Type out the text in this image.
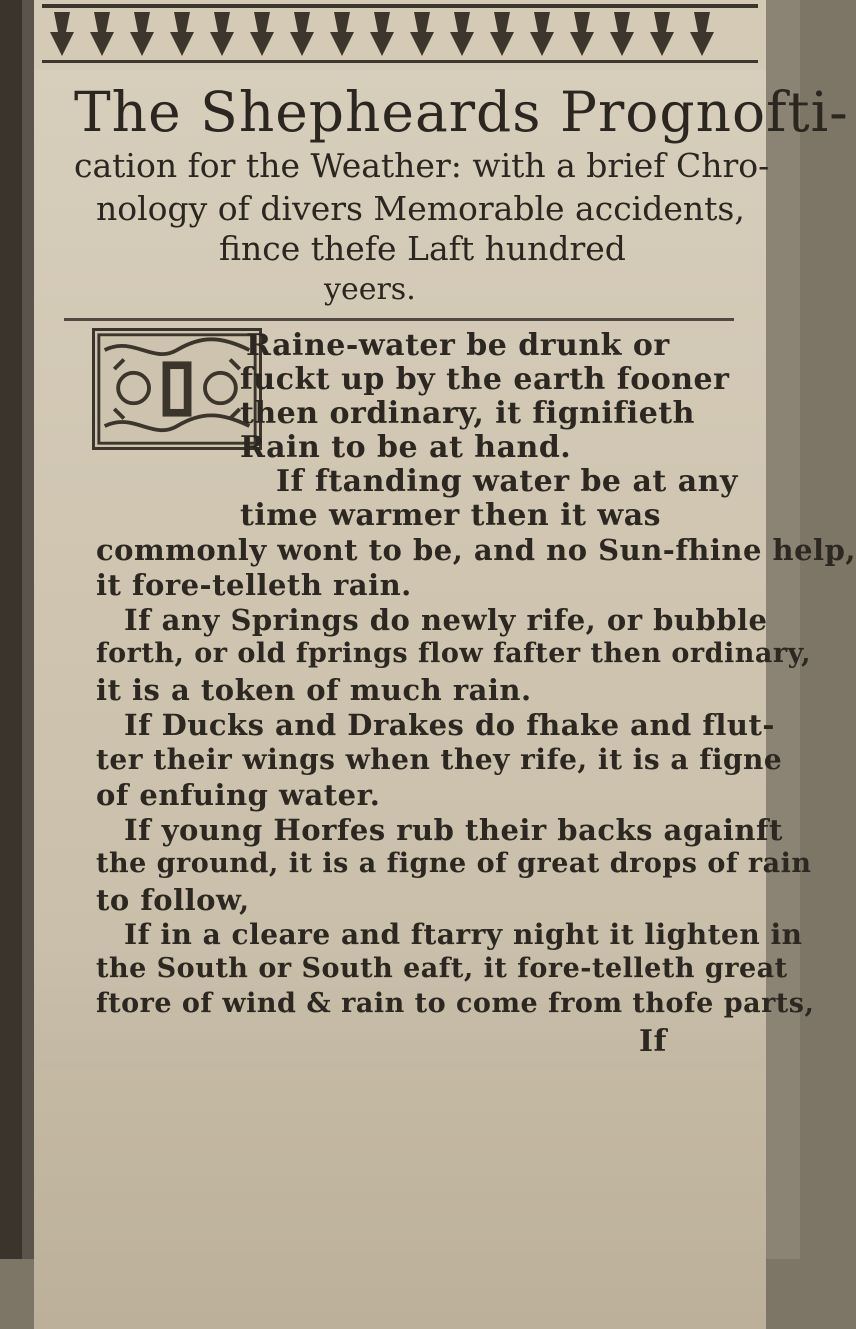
The Shepheards Prognofti-
cation for the Weather: with a brief Chro-
nology of divers Memorable accidents,
fince thefe Laft hundred
yeers.
Raine-water be drunk or
fuckt up by the earth fooner
then ordinary, it fignifieth
Rain to be at hand.
If ftanding water be at any
time warmer then it was
commonly wont to be, and no Sun-fhine help,
it fore-telleth rain.
If any Springs do newly rife, or bubble
forth, or old fprings flow fafter then ordinary,
it is a token of much rain.
If Ducks and Drakes do fhake and flut-
ter their wings when they rife, it is a figne
of enfuing water.
If young Horfes rub their backs againft
the ground, it is a figne of great drops of rain
to follow,
If in a cleare and ftarry night it lighten in
the South or South eaft, it fore-telleth great
ftore of wind & rain to come from thofe parts,
If
